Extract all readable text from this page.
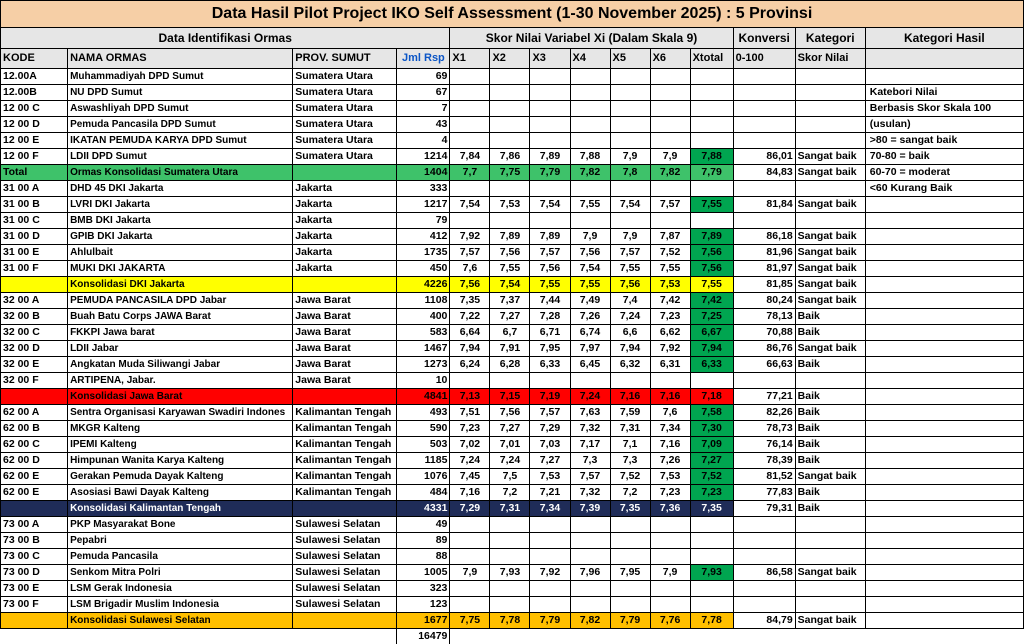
Data Hasil Pilot Project IKO Self Assessment (1-30 November 2025) : 5 Provinsi													
Data Identifikasi Ormas				Skor Nilai Variabel Xi (Dalam Skala 9)							Konversi	Kategori	Kategori Hasil
KODE	NAMA ORMAS	PROV. SUMUT	Jml Rsp	X1	X2	X3	X4	X5	X6	Xtotal	0-100	Skor Nilai	
12.00A	Muhammadiyah DPD Sumut	Sumatera Utara	69										
12.00B	NU DPD Sumut	Sumatera Utara	67										Katebori Nilai
12 00 C	Aswashliyah DPD Sumut	Sumatera Utara	7										Berbasis Skor Skala 100
12 00 D	Pemuda Pancasila DPD Sumut	Sumatera Utara	43										(usulan)
12 00 E	IKATAN PEMUDA KARYA DPD Sumut	Sumatera Utara	4										>80 = sangat baik
12 00 F	LDII DPD Sumut	Sumatera Utara	1214	7,84	7,86	7,89	7,88	7,9	7,9	7,88	86,01	Sangat baik	70-80 = baik
Total	Ormas Konsolidasi Sumatera Utara		1404	7,7	7,75	7,79	7,82	7,8	7,82	7,79	84,83	Sangat baik	60-70 = moderat
31 00 A	DHD 45 DKI Jakarta	Jakarta	333										<60 Kurang Baik
31 00 B	LVRI DKI Jakarta	Jakarta	1217	7,54	7,53	7,54	7,55	7,54	7,57	7,55	81,84	Sangat baik	
31 00 C	BMB DKI Jakarta	Jakarta	79										
31 00 D	GPIB DKI Jakarta	Jakarta	412	7,92	7,89	7,89	7,9	7,9	7,87	7,89	86,18	Sangat baik	
31 00 E	Ahlulbait	Jakarta	1735	7,57	7,56	7,57	7,56	7,57	7,52	7,56	81,96	Sangat baik	
31 00 F	MUKI DKI JAKARTA	Jakarta	450	7,6	7,55	7,56	7,54	7,55	7,55	7,56	81,97	Sangat baik	
	Konsolidasi DKI Jakarta		4226	7,56	7,54	7,55	7,55	7,56	7,53	7,55	81,85	Sangat baik	
32 00 A	PEMUDA PANCASILA DPD Jabar	Jawa Barat	1108	7,35	7,37	7,44	7,49	7,4	7,42	7,42	80,24	Sangat baik	
32 00 B	Buah Batu Corps JAWA Barat	Jawa Barat	400	7,22	7,27	7,28	7,26	7,24	7,23	7,25	78,13	Baik	
32 00 C	FKKPI Jawa barat	Jawa Barat	583	6,64	6,7	6,71	6,74	6,6	6,62	6,67	70,88	Baik	
32 00 D	LDII Jabar	Jawa Barat	1467	7,94	7,91	7,95	7,97	7,94	7,92	7,94	86,76	Sangat baik	
32 00 E	Angkatan Muda Siliwangi Jabar	Jawa Barat	1273	6,24	6,28	6,33	6,45	6,32	6,31	6,33	66,63	Baik	
32 00 F	ARTIPENA, Jabar.	Jawa Barat	10										
	Konsolidasi Jawa Barat		4841	7,13	7,15	7,19	7,24	7,16	7,16	7,18	77,21	Baik	
62 00 A	Sentra Organisasi Karyawan Swadiri Indones	Kalimantan Tengah	493	7,51	7,56	7,57	7,63	7,59	7,6	7,58	82,26	Baik	
62 00 B	MKGR Kalteng	Kalimantan Tengah	590	7,23	7,27	7,29	7,32	7,31	7,34	7,30	78,73	Baik	
62 00 C	IPEMI Kalteng	Kalimantan Tengah	503	7,02	7,01	7,03	7,17	7,1	7,16	7,09	76,14	Baik	
62 00 D	Himpunan Wanita Karya Kalteng	Kalimantan Tengah	1185	7,24	7,24	7,27	7,3	7,3	7,26	7,27	78,39	Baik	
62 00 E	Gerakan Pemuda Dayak Kalteng	Kalimantan Tengah	1076	7,45	7,5	7,53	7,57	7,52	7,53	7,52	81,52	Sangat baik	
62 00 E	Asosiasi Bawi Dayak Kalteng	Kalimantan Tengah	484	7,16	7,2	7,21	7,32	7,2	7,23	7,23	77,83	Baik	
	Konsolidasi Kalimantan Tengah		4331	7,29	7,31	7,34	7,39	7,35	7,36	7,35	79,31	Baik	
73 00 A	PKP Masyarakat Bone	Sulawesi Selatan	49										
73 00 B	Pepabri	Sulawesi Selatan	89										
73 00 C	Pemuda Pancasila	Sulawesi Selatan	88										
73 00 D	Senkom Mitra Polri	Sulawesi Selatan	1005	7,9	7,93	7,92	7,96	7,95	7,9	7,93	86,58	Sangat baik	
73 00 E	LSM Gerak Indonesia	Sulawesi Selatan	323										
73 00 F	LSM Brigadir Muslim Indonesia	Sulawesi Selatan	123										
	Konsolidasi Sulawesi Selatan		1677	7,75	7,78	7,79	7,82	7,79	7,76	7,78	84,79	Sangat baik	
			16479										
